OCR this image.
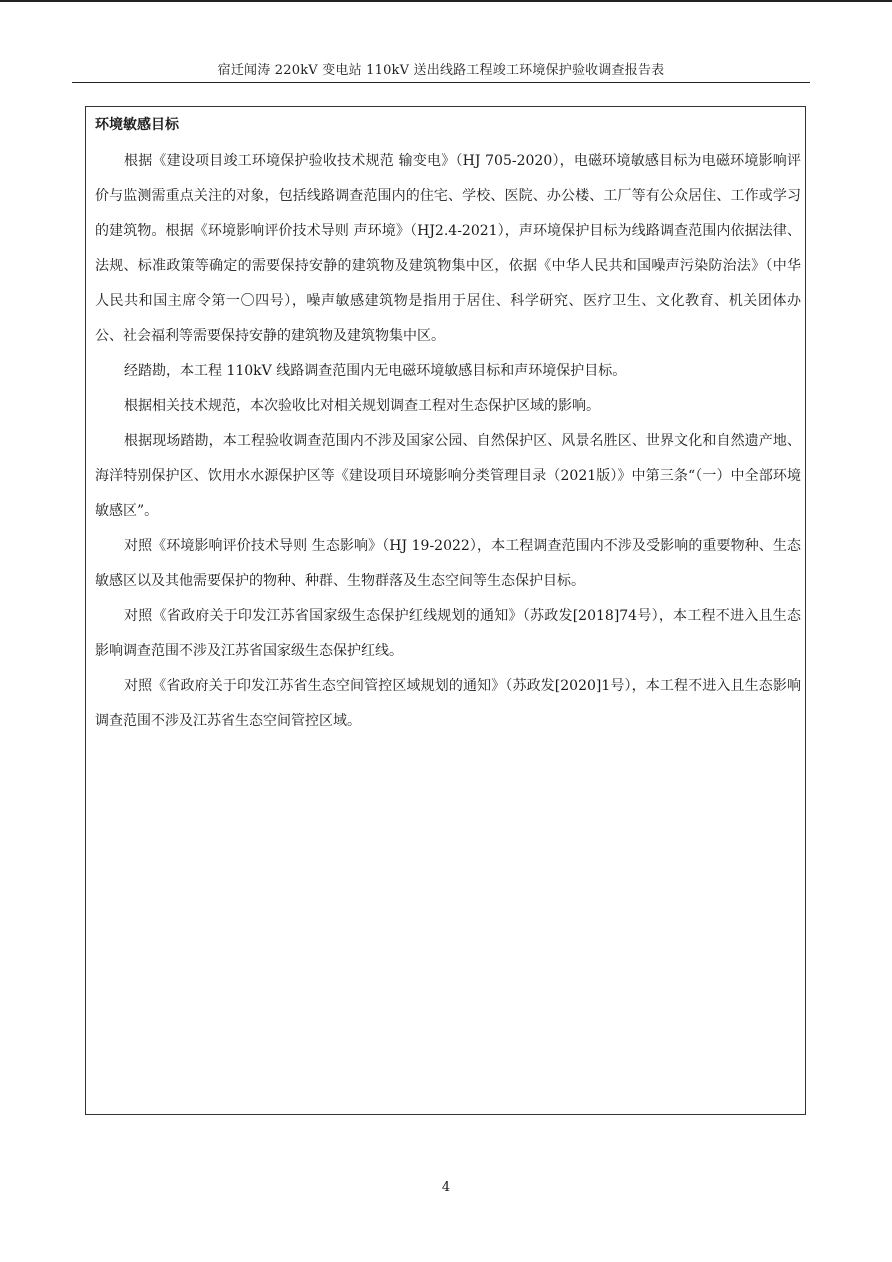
宿迁闻涛 220kV 变电站 110kV 送出线路工程竣工环境保护验收调查报告表
环境敏感目标

根据《建设项目竣工环境保护验收技术规范 输变电》（HJ 705-2020），电磁环境敏感目标为电磁环境影响评价与监测需重点关注的对象，包括线路调查范围内的住宅、学校、医院、办公楼、工厂等有公众居住、工作或学习的建筑物。根据《环境影响评价技术导则 声环境》（HJ2.4-2021），声环境保护目标为线路调查范围内依据法律、法规、标准政策等确定的需要保持安静的建筑物及建筑物集中区，依据《中华人民共和国噪声污染防治法》（中华人民共和国主席令第一〇四号），噪声敏感建筑物是指用于居住、科学研究、医疗卫生、文化教育、机关团体办公、社会福利等需要保持安静的建筑物及建筑物集中区。

经踏勘，本工程 110kV 线路调查范围内无电磁环境敏感目标和声环境保护目标。

根据相关技术规范，本次验收比对相关规划调查工程对生态保护区域的影响。

根据现场踏勘，本工程验收调查范围内不涉及国家公园、自然保护区、风景名胜区、世界文化和自然遗产地、海洋特别保护区、饮用水水源保护区等《建设项目环境影响分类管理目录（2021版）》中第三条“（一）中全部环境敏感区”。

对照《环境影响评价技术导则 生态影响》（HJ 19-2022），本工程调查范围内不涉及受影响的重要物种、生态敏感区以及其他需要保护的物种、种群、生物群落及生态空间等生态保护目标。

对照《省政府关于印发江苏省国家级生态保护红线规划的通知》（苏政发[2018]74号），本工程不进入且生态影响调查范围不涉及江苏省国家级生态保护红线。

对照《省政府关于印发江苏省生态空间管控区域规划的通知》（苏政发[2020]1号），本工程不进入且生态影响调查范围不涉及江苏省生态空间管控区域。

4
